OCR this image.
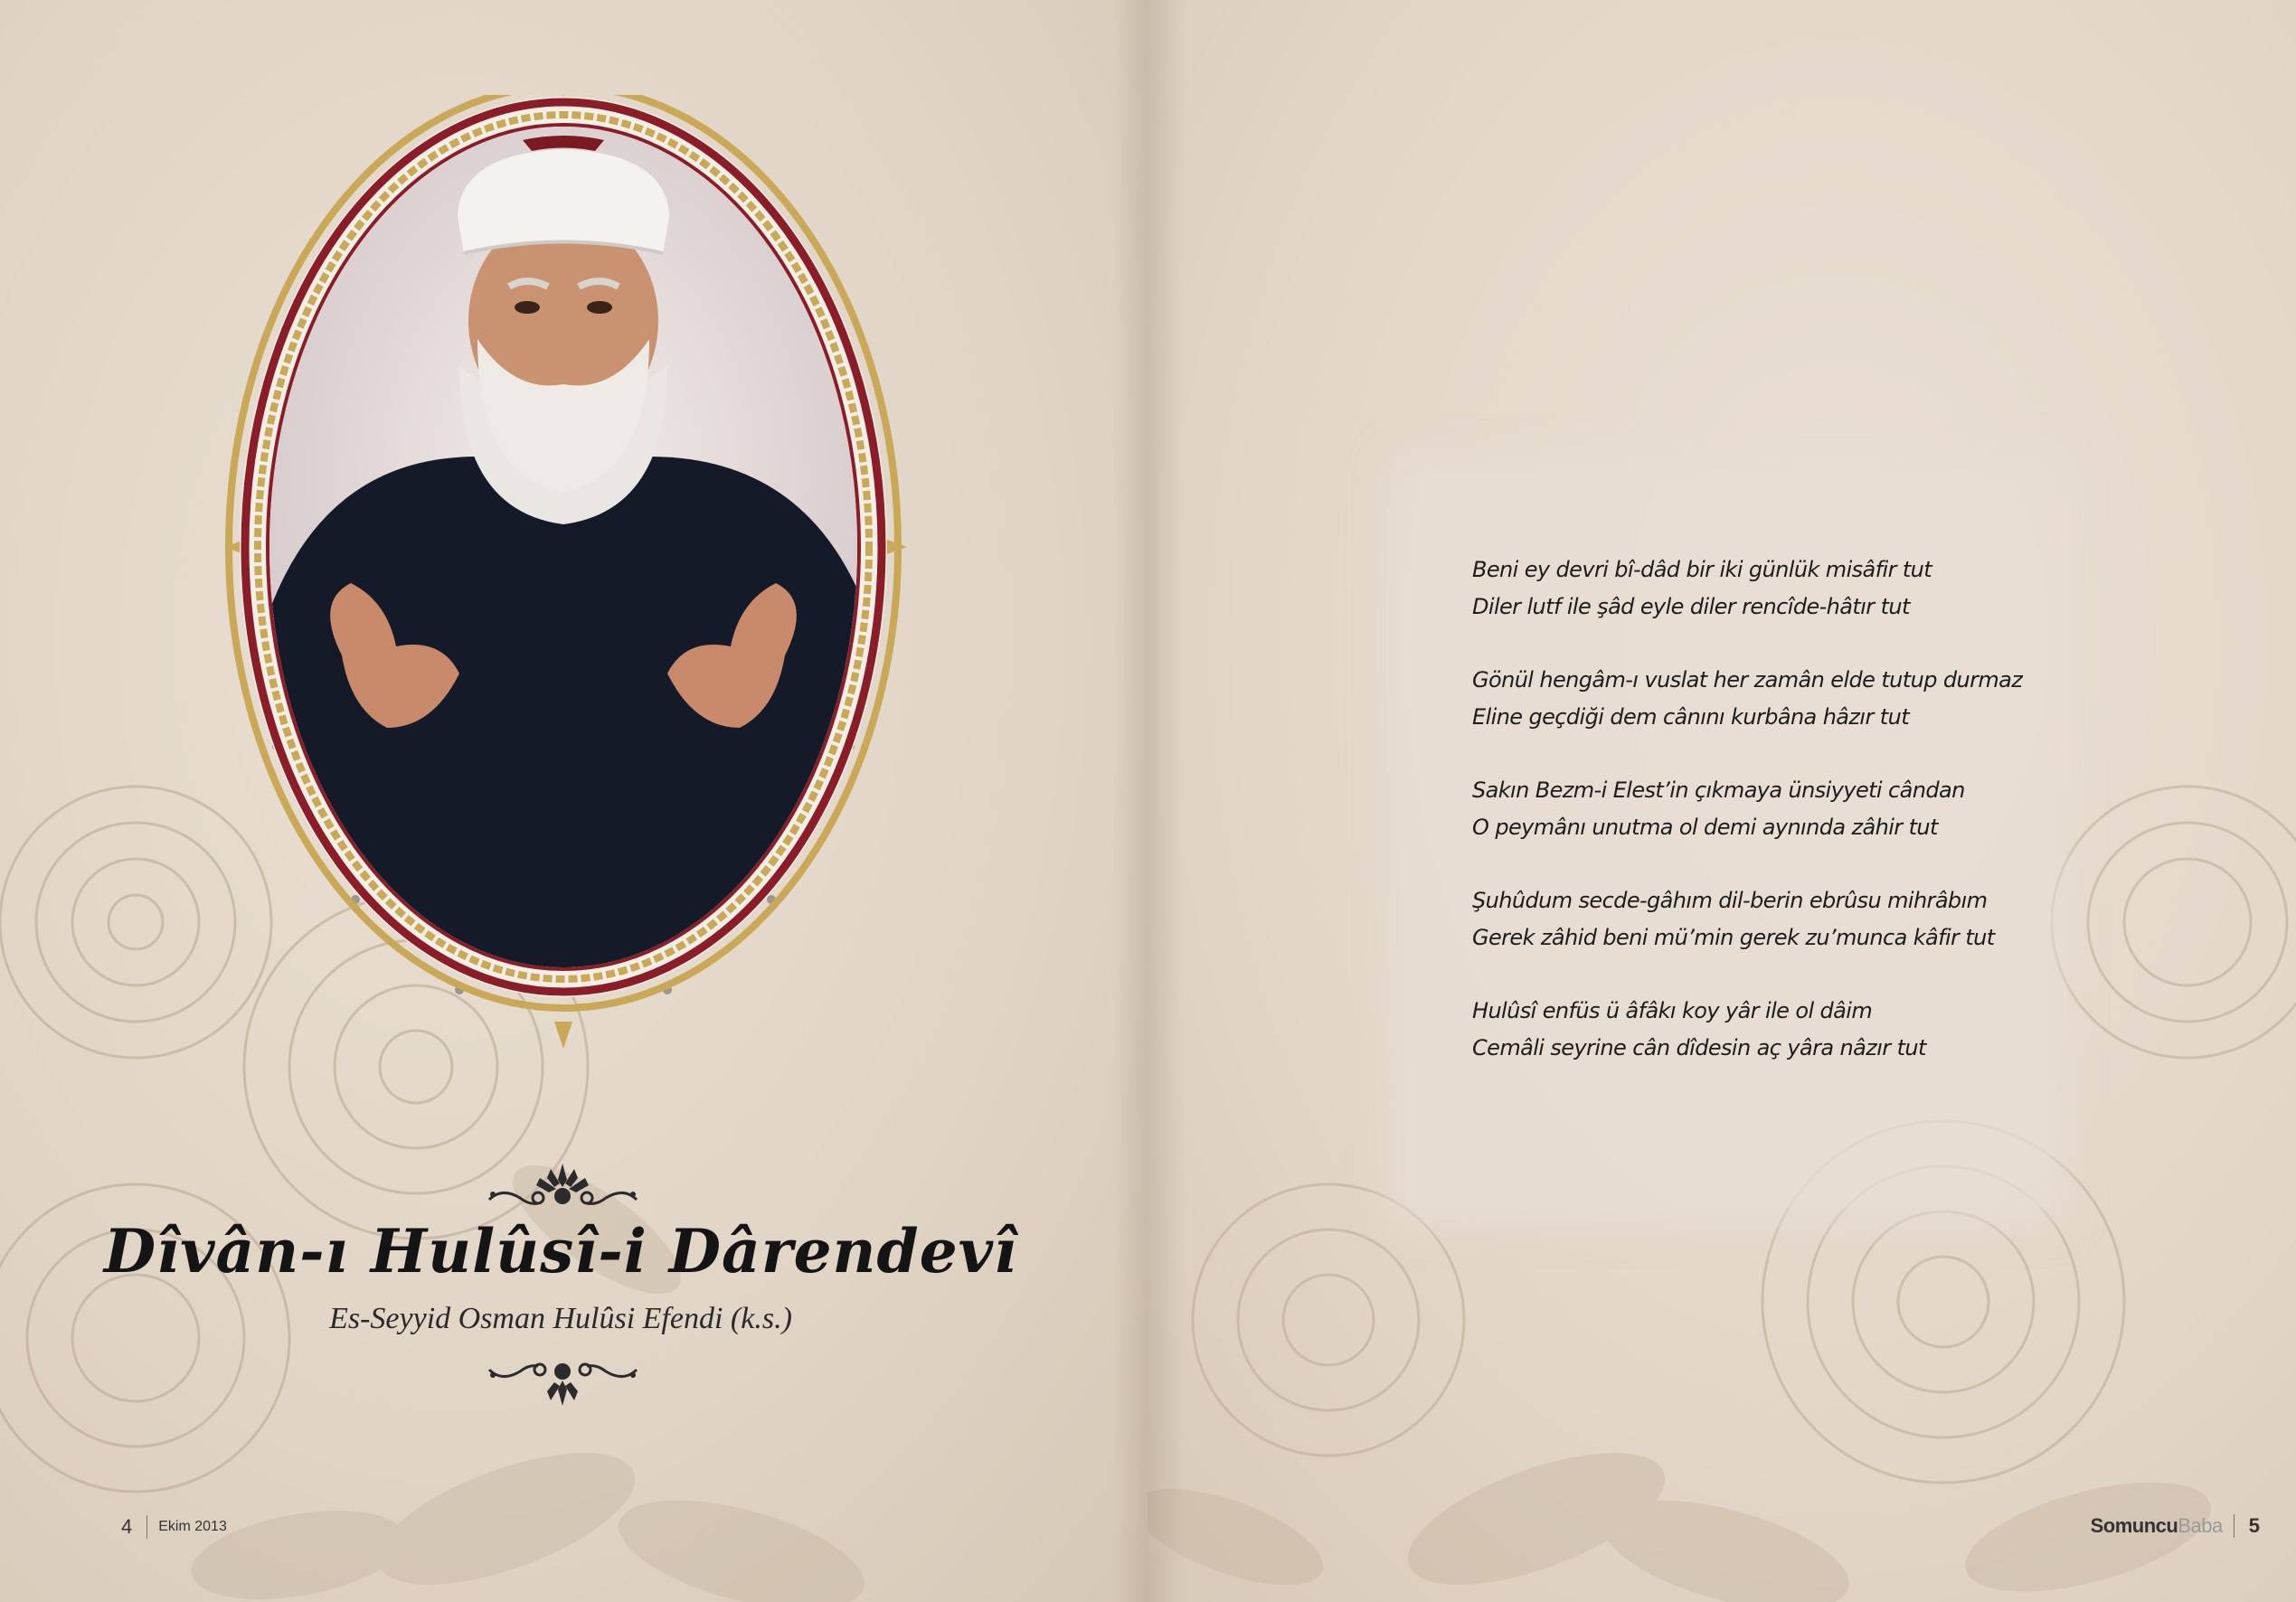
Dîvân-ı Hulûsî-i Dârendevî
Es-Seyyid Osman Hulûsi Efendi (k.s.)
4 Ekim 2013	Somuncu Baba 5
Beni ey devri bî-dâd bir iki günlük misâfir tut
Diler lutf ile şâd eyle diler rencîde-hâtır tut
Gönül hengâm-ı vuslat her zamân elde tutup durmaz
Eline geçdiği dem cânını kurbâna hâzır tut
Sakın Bezm-i Elest’in çıkmaya ünsiyyeti cândan
O peymânı unutma ol demi aynında zâhir tut
Şuhûdum secde-gâhım dil-berin ebrûsu mihrâbım
Gerek zâhid beni mü’min gerek zu’munca kâfir tut
Hulûsî enfüs ü âfâkı koy yâr ile ol dâim
Cemâli seyrine cân dîdesin aç yâra nâzır tut
